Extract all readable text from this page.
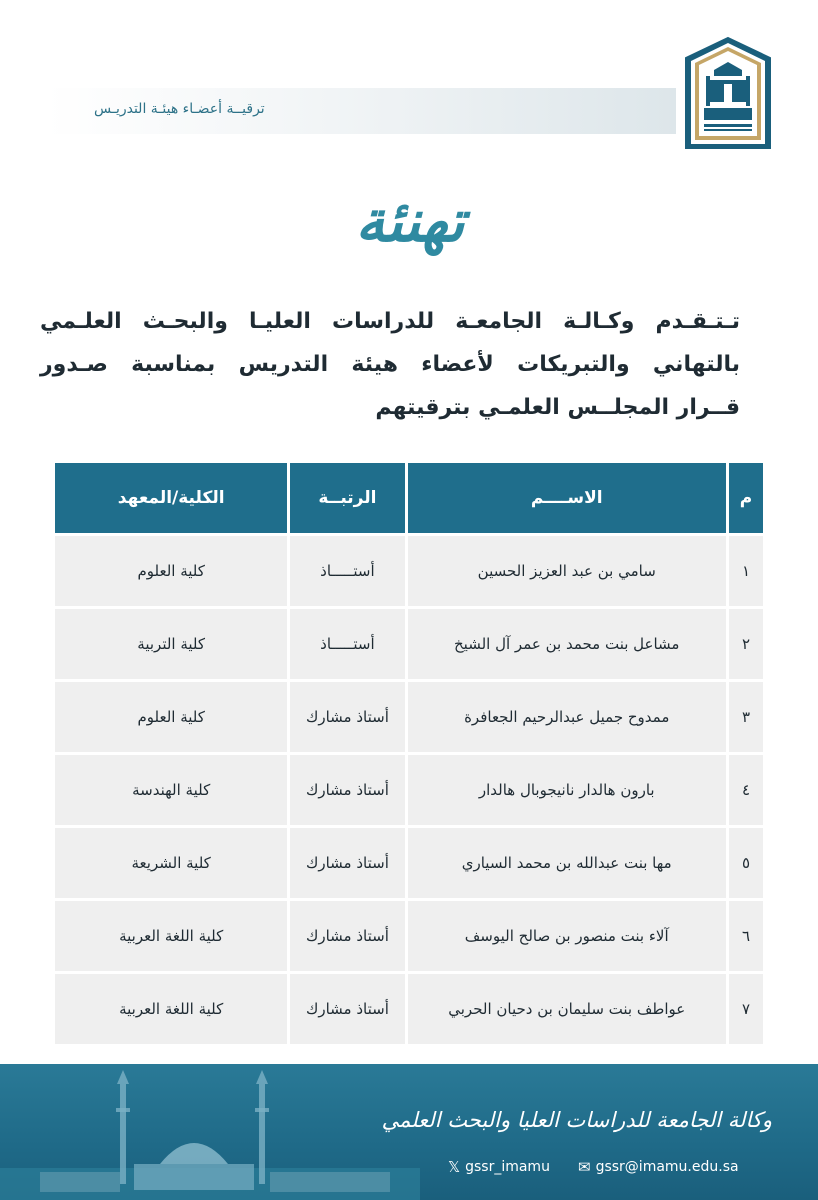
ترقيــة أعضـاء هيئـة التدريـس
تهنئة
تـتـقـدم وكـالـة الجامعـة للدراسات العليـا والبحـث العلـمي
بالتهاني والتبريكات لأعضاء هيئة التدريس بمناسبة صـدور
قــرار المجلــس العلمـي بترقيتهم
م	الاســــم	الرتبــة	الكلية/المعهد
١	سامي بن عبد العزيز الحسين	أستـــــاذ	كلية العلوم
٢	مشاعل بنت محمد بن عمر آل الشيخ	أستـــــاذ	كلية التربية
٣	ممدوح جميل عبدالرحيم الجعافرة	أستاذ مشارك	كلية العلوم
٤	بارون هالدار نانيجوبال هالدار	أستاذ مشارك	كلية الهندسة
٥	مها بنت عبدالله بن محمد السياري	أستاذ مشارك	كلية الشريعة
٦	آلاء بنت منصور بن صالح اليوسف	أستاذ مشارك	كلية اللغة العربية
٧	عواطف بنت سليمان بن دحيان الحربي	أستاذ مشارك	كلية اللغة العربية
وكالة الجامعة للدراسات العليا والبحث العلمي
𝕏 gssr_imamu ✉ gssr@imamu.edu.sa
